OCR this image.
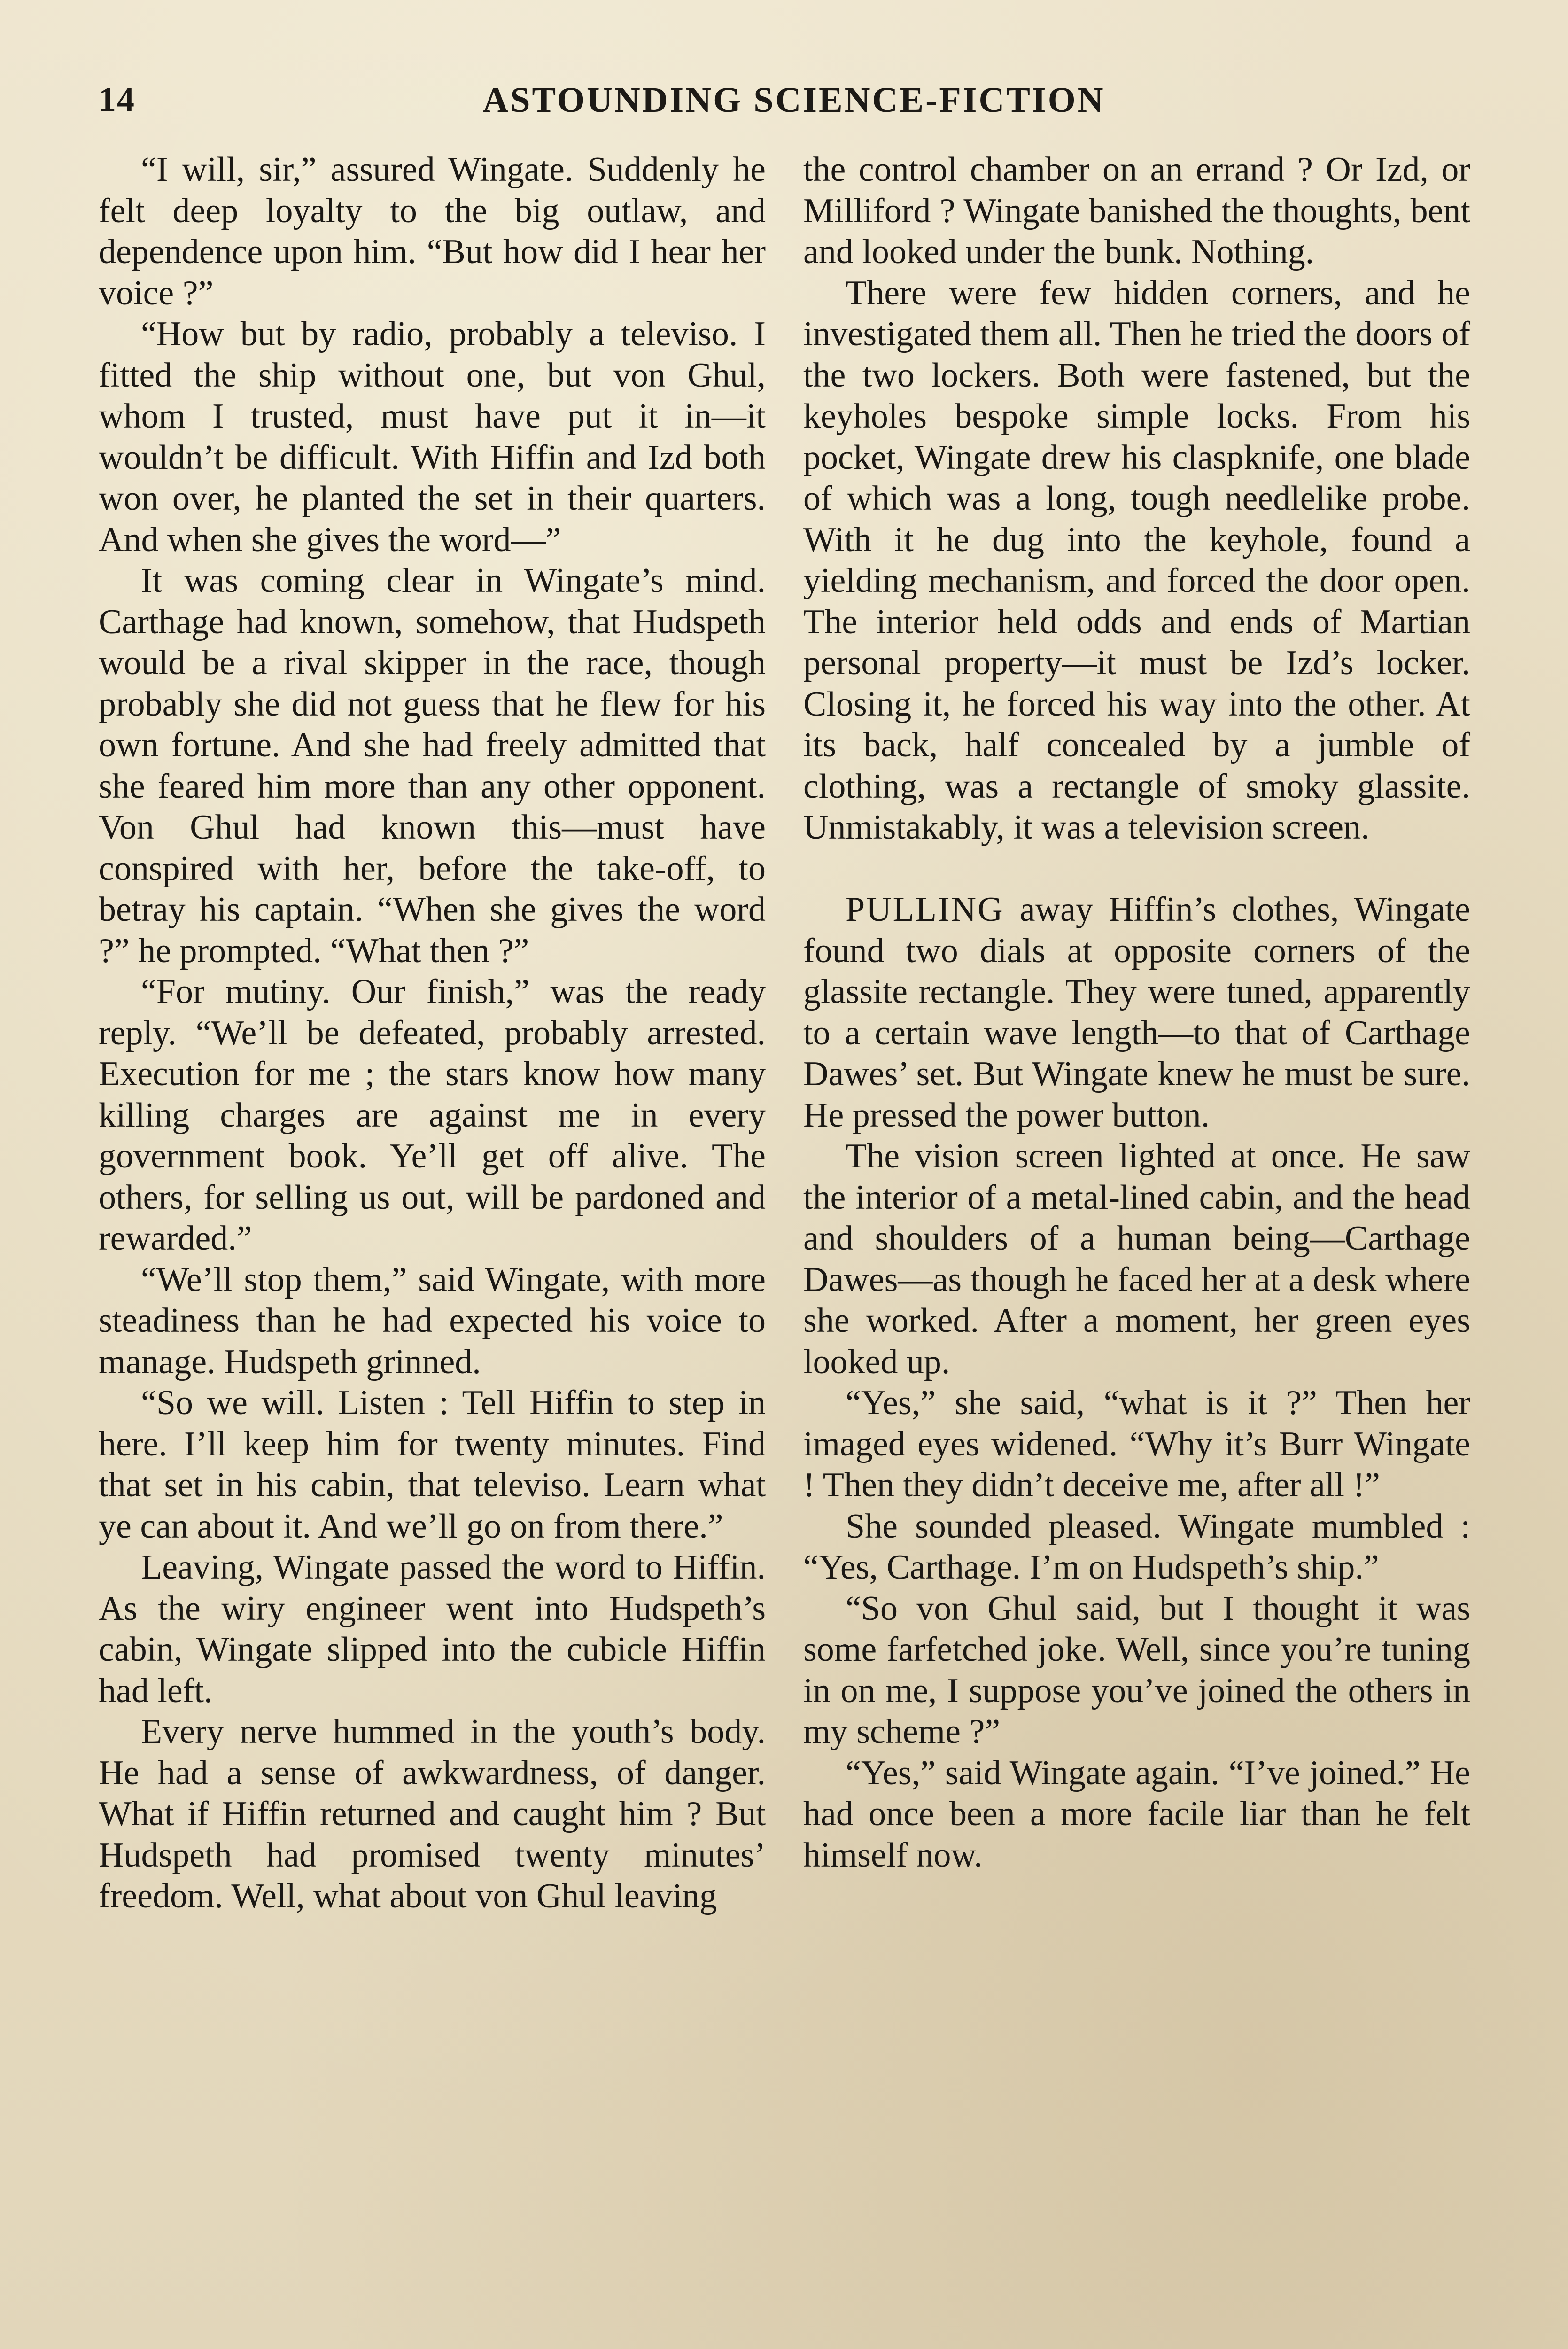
14	ASTOUNDING SCIENCE-FICTION

“I will, sir,” assured Wingate. Suddenly he felt deep loyalty to the big outlaw, and dependence upon him. “But how did I hear her voice ?”

“How but by radio, probably a televiso. I fitted the ship without one, but von Ghul, whom I trusted, must have put it in—it wouldn’t be difficult. With Hiffin and Izd both won over, he planted the set in their quarters. And when she gives the word—”

It was coming clear in Wingate’s mind. Carthage had known, somehow, that Hudspeth would be a rival skipper in the race, though probably she did not guess that he flew for his own fortune. And she had freely admitted that she feared him more than any other opponent. Von Ghul had known this—must have conspired with her, before the take-off, to betray his captain. “When she gives the word ?” he prompted. “What then ?”

“For mutiny. Our finish,” was the ready reply. “We’ll be defeated, probably arrested. Execution for me ; the stars know how many killing charges are against me in every government book. Ye’ll get off alive. The others, for selling us out, will be pardoned and rewarded.”

“We’ll stop them,” said Wingate, with more steadiness than he had expected his voice to manage. Hudspeth grinned.

“So we will. Listen : Tell Hiffin to step in here. I’ll keep him for twenty minutes. Find that set in his cabin, that televiso. Learn what ye can about it. And we’ll go on from there.”

Leaving, Wingate passed the word to Hiffin. As the wiry engineer went into Hudspeth’s cabin, Wingate slipped into the cubicle Hiffin had left.

Every nerve hummed in the youth’s body. He had a sense of awkwardness, of danger. What if Hiffin returned and caught him ? But Hudspeth had promised twenty minutes’ freedom. Well, what about von Ghul leaving

the control chamber on an errand ? Or Izd, or Milliford ? Wingate banished the thoughts, bent and looked under the bunk. Nothing.

There were few hidden corners, and he investigated them all. Then he tried the doors of the two lockers. Both were fastened, but the keyholes bespoke simple locks. From his pocket, Wingate drew his claspknife, one blade of which was a long, tough needlelike probe. With it he dug into the keyhole, found a yielding mechanism, and forced the door open. The interior held odds and ends of Martian personal property—it must be Izd’s locker. Closing it, he forced his way into the other. At its back, half concealed by a jumble of clothing, was a rectangle of smoky glassite. Unmistakably, it was a television screen.

PULLING away Hiffin’s clothes, Wingate found two dials at opposite corners of the glassite rectangle. They were tuned, apparently to a certain wave length—to that of Carthage Dawes’ set. But Wingate knew he must be sure. He pressed the power button.

The vision screen lighted at once. He saw the interior of a metal-lined cabin, and the head and shoulders of a human being—Carthage Dawes—as though he faced her at a desk where she worked. After a moment, her green eyes looked up.

“Yes,” she said, “what is it ?” Then her imaged eyes widened. “Why it’s Burr Wingate ! Then they didn’t deceive me, after all !”

She sounded pleased. Wingate mumbled : “Yes, Carthage. I’m on Hudspeth’s ship.”

“So von Ghul said, but I thought it was some farfetched joke. Well, since you’re tuning in on me, I suppose you’ve joined the others in my scheme ?”

“Yes,” said Wingate again. “I’ve joined.” He had once been a more facile liar than he felt himself now.
